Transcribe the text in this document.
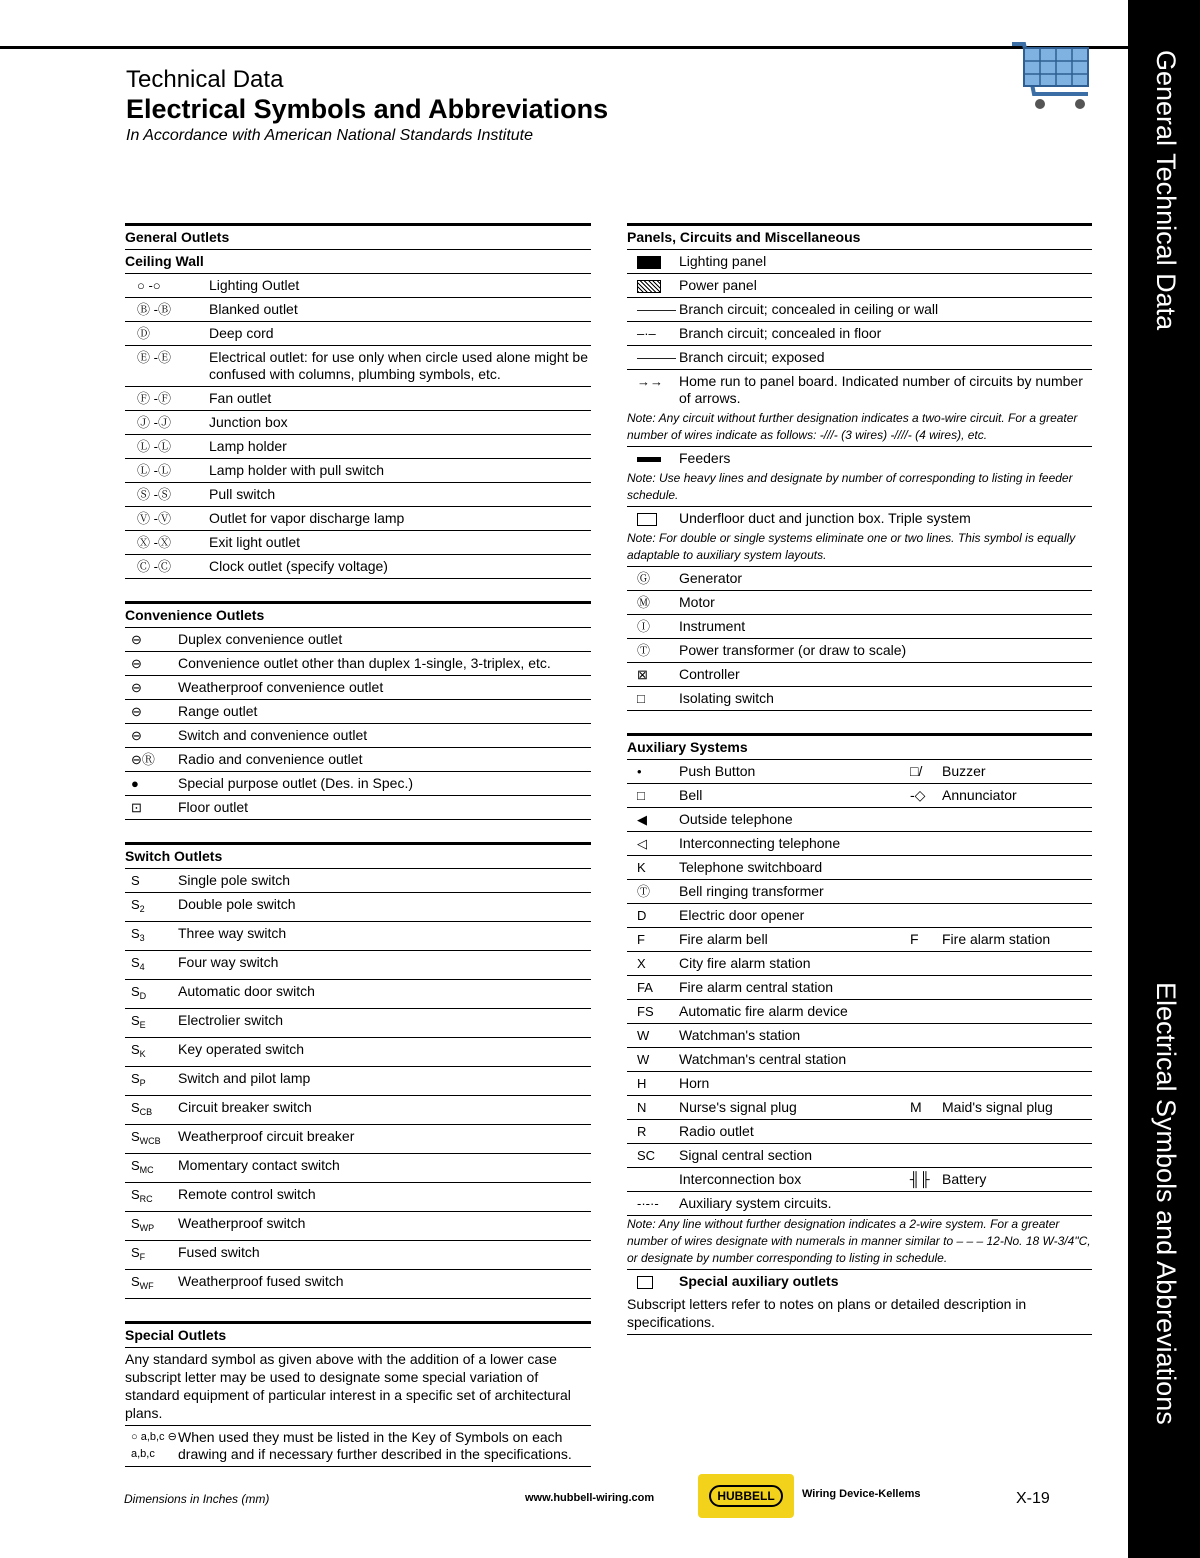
General Technical Data
Electrical Symbols and Abbreviations
Technical Data
Electrical Symbols and Abbreviations
In Accordance with American National Standards Institute
General Outlets
Ceiling Wall
○ -○	Lighting Outlet
Ⓑ -Ⓑ	Blanked outlet
Ⓓ	Deep cord
Ⓔ -Ⓔ	Electrical outlet: for use only when circle used alone might be confused with columns, plumbing symbols, etc.
Ⓕ -Ⓕ	Fan outlet
Ⓙ -Ⓙ	Junction box
Ⓛ -Ⓛ	Lamp holder
Ⓛ -Ⓛ	Lamp holder with pull switch
Ⓢ -Ⓢ	Pull switch
Ⓥ -Ⓥ	Outlet for vapor discharge lamp
Ⓧ -Ⓧ	Exit light outlet
Ⓒ -Ⓒ	Clock outlet (specify voltage)
Convenience Outlets
⊖	Duplex convenience outlet
⊖	Convenience outlet other than duplex 1-single, 3-triplex, etc.
⊖	Weatherproof convenience outlet
⊖	Range outlet
⊖	Switch and convenience outlet
⊖Ⓡ	Radio and convenience outlet
●	Special purpose outlet (Des. in Spec.)
⊡	Floor outlet
Switch Outlets
S	Single pole switch
$S_2$	Double pole switch
$S_3$	Three way switch
$S_4$	Four way switch
$S_D$	Automatic door switch
$S_E$	Electrolier switch
$S_K$	Key operated switch
$S_P$	Switch and pilot lamp
$S_{CB}$	Circuit breaker switch
$S_{WCB}$	Weatherproof circuit breaker
$S_{MC}$	Momentary contact switch
$S_{RC}$	Remote control switch
$S_{WP}$	Weatherproof switch
$S_F$	Fused switch
$S_{WF}$	Weatherproof fused switch
Special Outlets
Any standard symbol as given above with the addition of a lower case subscript letter may be used to designate some special variation of standard equipment of particular interest in a specific set of architectural plans.
○ a,b,c ⊖ a,b,c
When used they must be listed in the Key of Symbols on each drawing and if necessary further described in the specifications.
Panels, Circuits and Miscellaneous
Lighting panel
Power panel
——— Branch circuit; concealed in ceiling or wall
–·–	Branch circuit; concealed in floor
——— Branch circuit; exposed
→→	Home run to panel board. Indicated number of circuits by number of arrows.
Note: Any circuit without further designation indicates a two-wire circuit. For a greater number of wires indicate as follows: -///- (3 wires) -////- (4 wires), etc.
Feeders
Note: Use heavy lines and designate by number of corresponding to listing in feeder schedule.
Underfloor duct and junction box. Triple system
Note: For double or single systems eliminate one or two lines. This symbol is equally adaptable to auxiliary system layouts.
Ⓖ	Generator
Ⓜ	Motor
Ⓘ	Instrument
Ⓣ	Power transformer (or draw to scale)
⊠	Controller
□	Isolating switch
Auxiliary Systems
•	Push Button	□/	Buzzer
□	Bell	-◇	Annunciator
◀	Outside telephone
◁	Interconnecting telephone
K	Telephone switchboard
Ⓣ	Bell ringing transformer
D	Electric door opener
F	Fire alarm bell	F	Fire alarm station
X	City fire alarm station
FA	Fire alarm central station
FS	Automatic fire alarm device
W	Watchman's station
W	Watchman's central station
H	Horn
N	Nurse's signal plug	M	Maid's signal plug
R	Radio outlet
SC	Signal central section
Interconnection box	╢╟ Battery
-·-·-	Auxiliary system circuits.
Note: Any line without further designation indicates a 2-wire system. For a greater number of wires designate with numerals in manner similar to – – – 12-No. 18 W-3/4"C, or designate by number corresponding to listing in schedule.
Special auxiliary outlets
Subscript letters refer to notes on plans or detailed description in specifications.
Dimensions in Inches (mm)	www.hubbell-wiring.com	HUBBELL	Wiring Device-Kellems	X-19
